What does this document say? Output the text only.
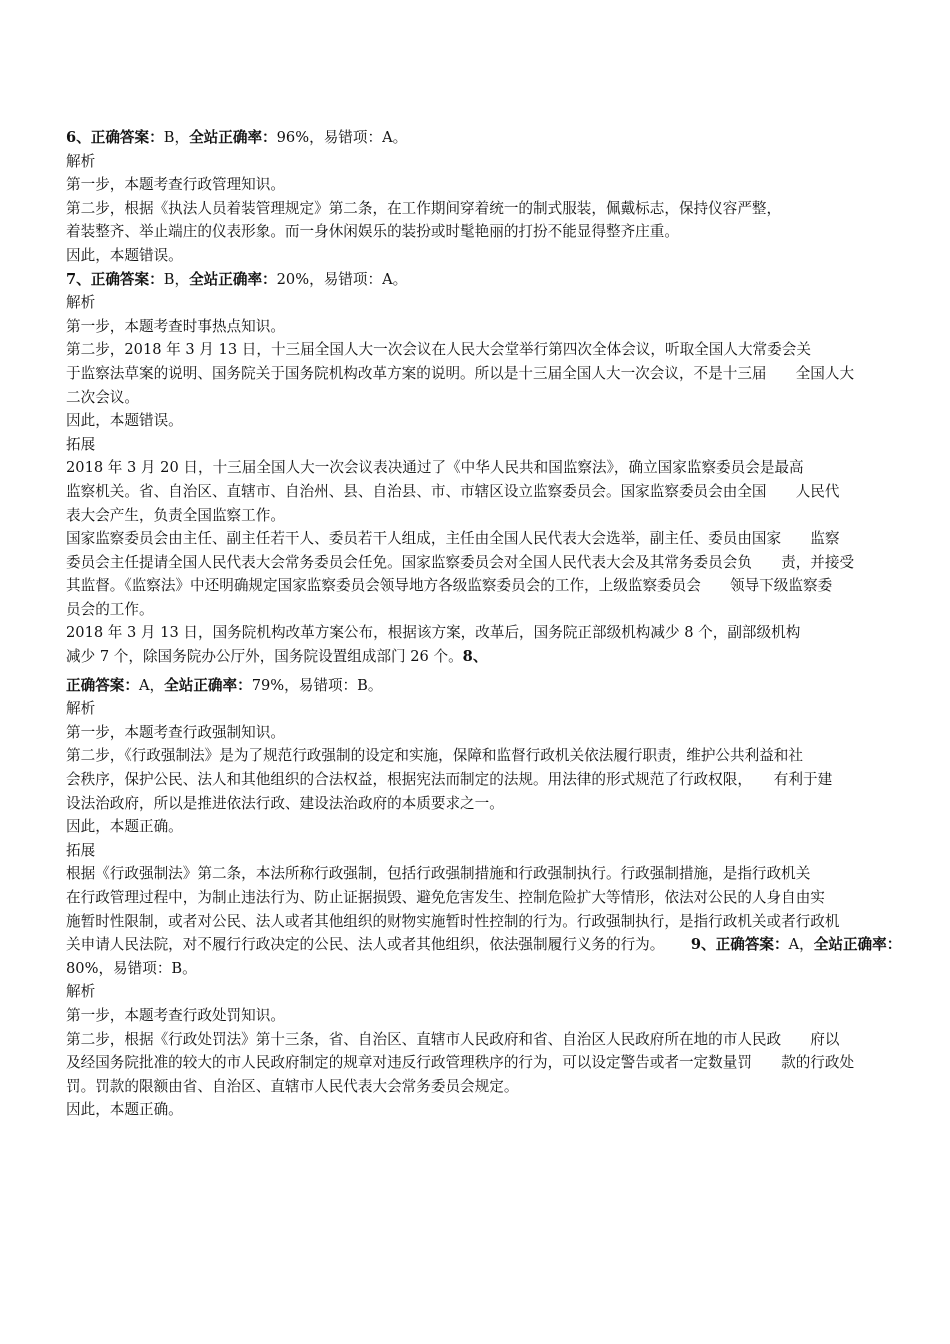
6、正确答案：B，全站正确率：96%，易错项：A。

解析

第一步，本题考查行政管理知识。

第二步，根据《执法人员着装管理规定》第二条，在工作期间穿着统一的制式服装，佩戴标志，保持仪容严整，

着装整齐、举止端庄的仪表形象。而一身休闲娱乐的装扮或时髦艳丽的打扮不能显得整齐庄重。

因此，本题错误。

7、正确答案：B，全站正确率：20%，易错项：A。

解析

第一步，本题考查时事热点知识。

第二步，2018 年 3 月 13 日，十三届全国人大一次会议在人民大会堂举行第四次全体会议，听取全国人大常委会关

于监察法草案的说明、国务院关于国务院机构改革方案的说明。所以是十三届全国人大一次会议，不是十三届　　全国人大

二次会议。

因此，本题错误。

拓展

2018 年 3 月 20 日，十三届全国人大一次会议表决通过了《中华人民共和国监察法》，确立国家监察委员会是最高

监察机关。省、自治区、直辖市、自治州、县、自治县、市、市辖区设立监察委员会。国家监察委员会由全国　　人民代

表大会产生，负责全国监察工作。

国家监察委员会由主任、副主任若干人、委员若干人组成，主任由全国人民代表大会选举，副主任、委员由国家　　监察

委员会主任提请全国人民代表大会常务委员会任免。国家监察委员会对全国人民代表大会及其常务委员会负　　责，并接受

其监督。《监察法》中还明确规定国家监察委员会领导地方各级监察委员会的工作，上级监察委员会　　领导下级监察委

员会的工作。

2018 年 3 月 13 日，国务院机构改革方案公布，根据该方案，改革后，国务院正部级机构减少 8 个，副部级机构

减少 7 个，除国务院办公厅外，国务院设置组成部门 26 个。8、

正确答案：A，全站正确率：79%，易错项：B。

解析

第一步，本题考查行政强制知识。

第二步，《行政强制法》是为了规范行政强制的设定和实施，保障和监督行政机关依法履行职责，维护公共利益和社

会秩序，保护公民、法人和其他组织的合法权益，根据宪法而制定的法规。用法律的形式规范了行政权限，　　有利于建

设法治政府，所以是推进依法行政、建设法治政府的本质要求之一。

因此，本题正确。

拓展

根据《行政强制法》第二条，本法所称行政强制，包括行政强制措施和行政强制执行。行政强制措施，是指行政机关

在行政管理过程中，为制止违法行为、防止证据损毁、避免危害发生、控制危险扩大等情形，依法对公民的人身自由实

施暂时性限制，或者对公民、法人或者其他组织的财物实施暂时性控制的行为。行政强制执行，是指行政机关或者行政机

关申请人民法院，对不履行行政决定的公民、法人或者其他组织，依法强制履行义务的行为。　　 9、正确答案：A，全站正确率：

80%，易错项：B。

解析

第一步，本题考查行政处罚知识。

第二步，根据《行政处罚法》第十三条，省、自治区、直辖市人民政府和省、自治区人民政府所在地的市人民政　　府以

及经国务院批准的较大的市人民政府制定的规章对违反行政管理秩序的行为，可以设定警告或者一定数量罚　　款的行政处

罚。罚款的限额由省、自治区、直辖市人民代表大会常务委员会规定。

因此，本题正确。
